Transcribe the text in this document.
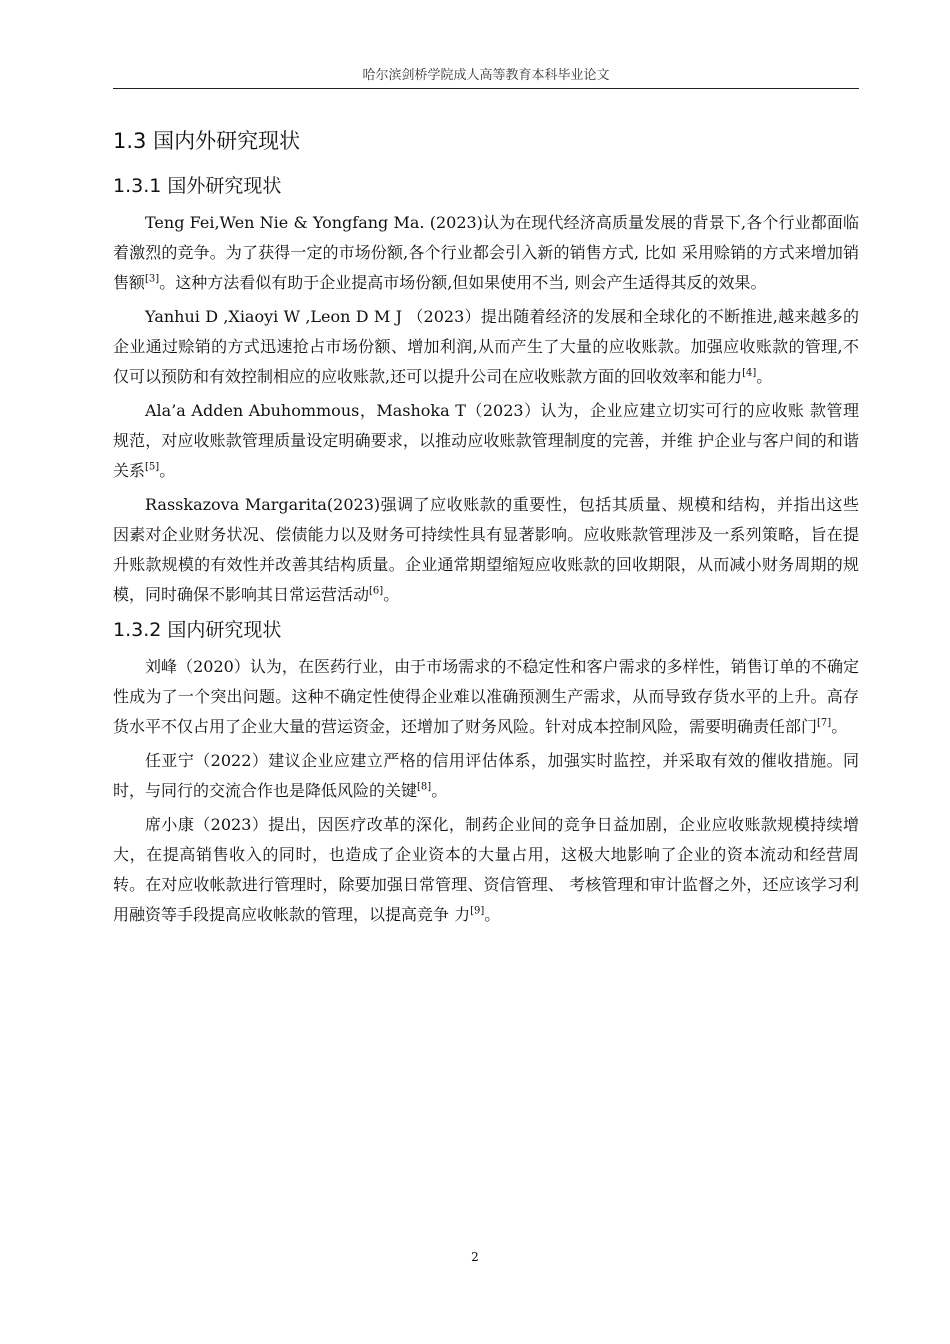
哈尔滨剑桥学院成人高等教育本科毕业论文
1.3 国内外研究现状
1.3.1 国外研究现状

Teng Fei,Wen Nie & Yongfang Ma. (2023)认为在现代经济高质量发展的背景下,各个行业都面临着激烈的竞争。为了获得一定的市场份额,各个行业都会引入新的销售方式, 比如 采用赊销的方式来增加销售额[3]。这种方法看似有助于企业提高市场份额,但如果使用不当, 则会产生适得其反的效果。

Yanhui D ,Xiaoyi W ,Leon D M J （2023）提出随着经济的发展和全球化的不断推进,越来越多的企业通过赊销的方式迅速抢占市场份额、增加利润,从而产生了大量的应收账款。加强应收账款的管理,不仅可以预防和有效控制相应的应收账款,还可以提升公司在应收账款方面的回收效率和能力[4]。

Ala’a Adden Abuhommous，Mashoka T（2023）认为，企业应建立切实可行的应收账 款管理规范，对应收账款管理质量设定明确要求，以推动应收账款管理制度的完善，并维 护企业与客户间的和谐关系[5]。

Rasskazova Margarita(2023)强调了应收账款的重要性，包括其质量、规模和结构，并指出这些因素对企业财务状况、偿债能力以及财务可持续性具有显著影响。应收账款管理涉及一系列策略，旨在提升账款规模的有效性并改善其结构质量。企业通常期望缩短应收账款的回收期限，从而减小财务周期的规模，同时确保不影响其日常运营活动[6]。

1.3.2 国内研究现状

刘峰（2020）认为，在医药行业，由于市场需求的不稳定性和客户需求的多样性，销售订单的不确定性成为了一个突出问题。这种不确定性使得企业难以准确预测生产需求，从而导致存货水平的上升。高存货水平不仅占用了企业大量的营运资金，还增加了财务风险。针对成本控制风险，需要明确责任部门[7]。

任亚宁（2022）建议企业应建立严格的信用评估体系，加强实时监控，并采取有效的催收措施。同时，与同行的交流合作也是降低风险的关键[8]。

席小康（2023）提出，因医疗改革的深化，制药企业间的竞争日益加剧，企业应收账款规模持续增大，在提高销售收入的同时，也造成了企业资本的大量占用，这极大地影响了企业的资本流动和经营周转。在对应收帐款进行管理时，除要加强日常管理、资信管理、 考核管理和审计监督之外，还应该学习利用融资等手段提高应收帐款的管理，以提高竞争 力[9]。

2
